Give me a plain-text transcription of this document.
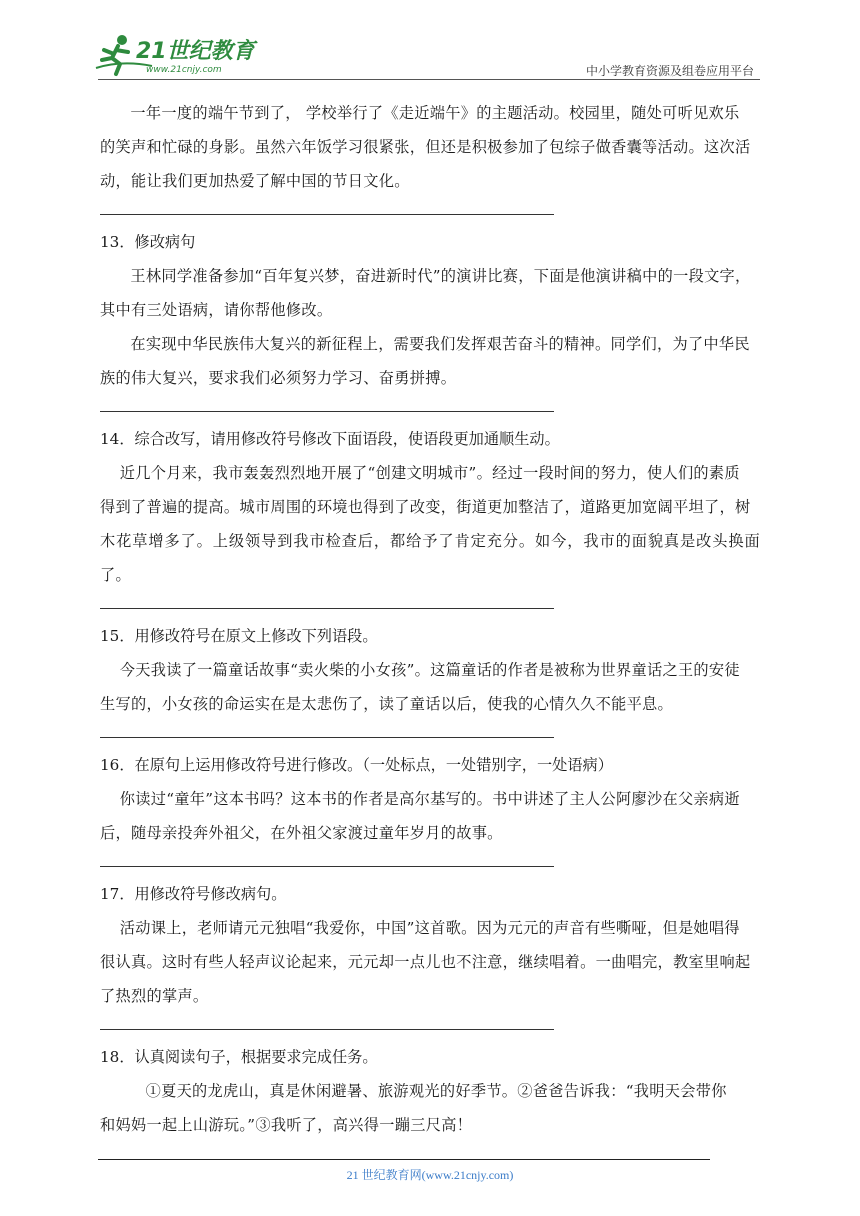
21世纪教育
www.21cnjy.com	中小学教育资源及组卷应用平台

一年一度的端午节到了， 学校举行了《走近端午》的主题活动。校园里，随处可听见欢乐

的笑声和忙碌的身影。虽然六年饭学习很紧张，但还是积极参加了包综子做香囊等活动。这次活

动，能让我们更加热爱了解中国的节日文化。

13．修改病句

王林同学准备参加“百年复兴梦，奋进新时代”的演讲比赛，下面是他演讲稿中的一段文字，

其中有三处语病，请你帮他修改。

在实现中华民族伟大复兴的新征程上，需要我们发挥艰苦奋斗的精神。同学们，为了中华民

族的伟大复兴，要求我们必须努力学习、奋勇拼搏。

14．综合改写，请用修改符号修改下面语段，使语段更加通顺生动。

近几个月来，我市轰轰烈烈地开展了“创建文明城市”。经过一段时间的努力，使人们的素质

得到了普遍的提高。城市周围的环境也得到了改变，街道更加整洁了，道路更加宽阔平坦了，树

木花草增多了。上级领导到我市检查后，都给予了肯定充分。如今，我市的面貌真是改头换面了。

15．用修改符号在原文上修改下列语段。

今天我读了一篇童话故事“卖火柴的小女孩”。这篇童话的作者是被称为世界童话之王的安徒

生写的，小女孩的命运实在是太悲伤了，读了童话以后，使我的心情久久不能平息。

16．在原句上运用修改符号进行修改。（一处标点，一处错别字，一处语病）

你读过“童年”这本书吗？这本书的作者是高尔基写的。书中讲述了主人公阿廖沙在父亲病逝

后，随母亲投奔外祖父，在外祖父家渡过童年岁月的故事。

17．用修改符号修改病句。

活动课上，老师请元元独唱“我爱你，中国”这首歌。因为元元的声音有些嘶哑，但是她唱得

很认真。这时有些人轻声议论起来，元元却一点儿也不注意，继续唱着。一曲唱完，教室里响起

了热烈的掌声。

18．认真阅读句子，根据要求完成任务。

①夏天的龙虎山，真是休闲避暑、旅游观光的好季节。②爸爸告诉我：“我明天会带你

和妈妈一起上山游玩。”③我听了，高兴得一蹦三尺高！

21 世纪教育网(www.21cnjy.com)
